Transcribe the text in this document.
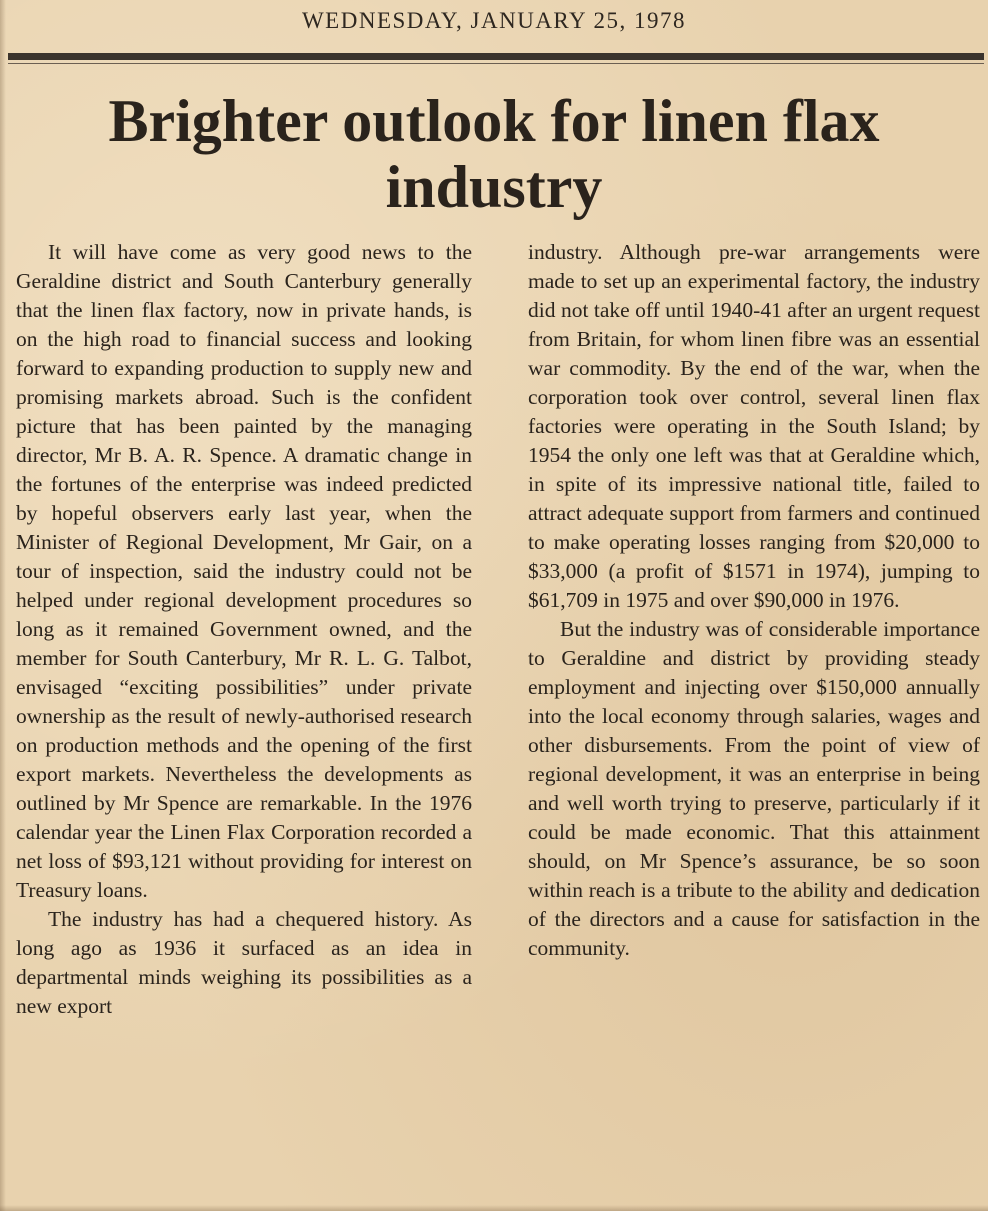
WEDNESDAY, JANUARY 25, 1978
Brighter outlook for linen flax industry

It will have come as very good news to the Geraldine district and South Canterbury generally that the linen flax factory, now in private hands, is on the high road to financial success and looking forward to expanding production to supply new and promising markets abroad. Such is the confident picture that has been painted by the managing director, Mr B. A. R. Spence. A dramatic change in the fortunes of the enterprise was indeed predicted by hopeful observers early last year, when the Minister of Regional Development, Mr Gair, on a tour of inspection, said the industry could not be helped under regional development procedures so long as it remained Government owned, and the member for South Canterbury, Mr R. L. G. Talbot, envisaged “exciting possibilities” under private ownership as the result of newly-authorised research on production methods and the opening of the first export markets. Nevertheless the developments as outlined by Mr Spence are remarkable. In the 1976 calendar year the Linen Flax Corporation recorded a net loss of $93,121 without providing for interest on Treasury loans.

The industry has had a chequered history. As long ago as 1936 it surfaced as an idea in departmental minds weighing its possibilities as a new export

industry. Although pre-war arrangements were made to set up an experimental factory, the industry did not take off until 1940-41 after an urgent request from Britain, for whom linen fibre was an essential war commodity. By the end of the war, when the corporation took over control, several linen flax factories were operating in the South Island; by 1954 the only one left was that at Geraldine which, in spite of its impressive national title, failed to attract adequate support from farmers and continued to make operating losses ranging from $20,000 to $33,000 (a profit of $1571 in 1974), jumping to $61,709 in 1975 and over $90,000 in 1976.

But the industry was of considerable importance to Geraldine and district by providing steady employment and injecting over $150,000 annually into the local economy through salaries, wages and other disbursements. From the point of view of regional development, it was an enterprise in being and well worth trying to preserve, particularly if it could be made economic. That this attainment should, on Mr Spence’s assurance, be so soon within reach is a tribute to the ability and dedication of the directors and a cause for satisfaction in the community.
